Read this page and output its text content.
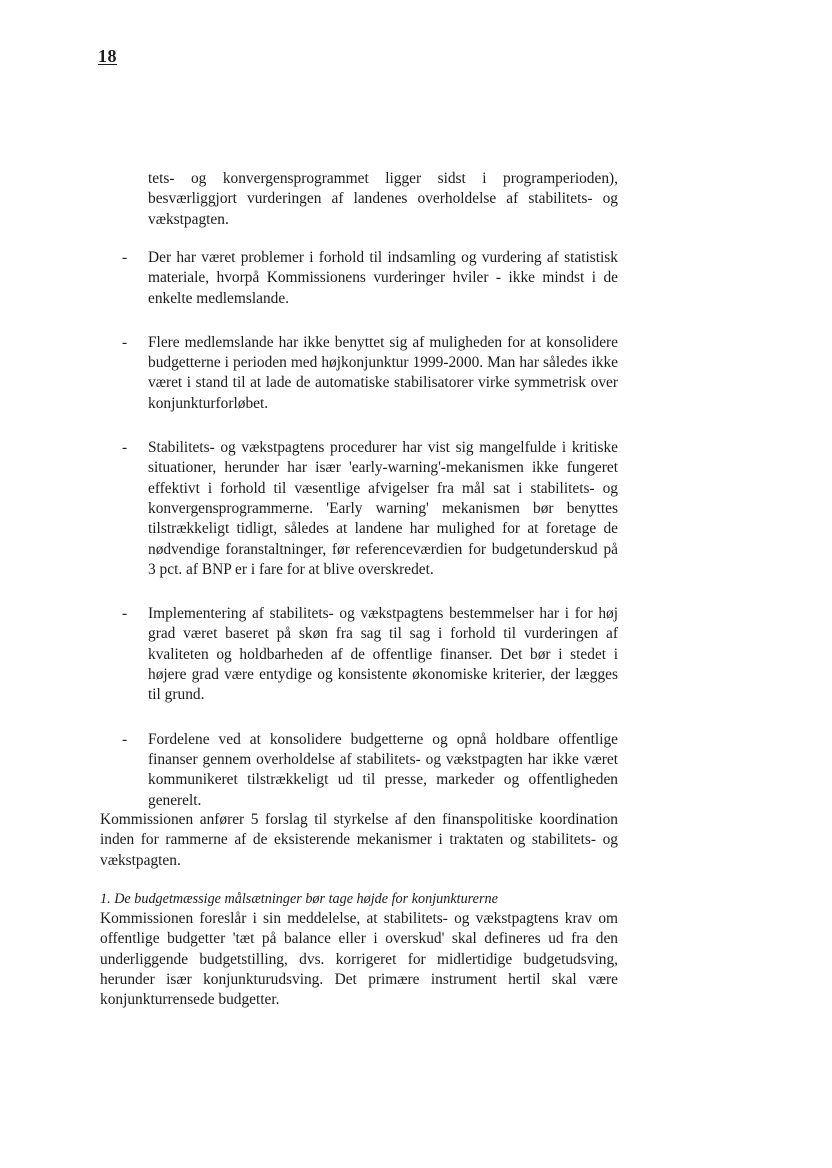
18

tets- og konvergensprogrammet ligger sidst i programperioden), besværliggjort vurderingen af landenes overholdelse af stabilitets- og vækstpagten.

- Der har været problemer i forhold til indsamling og vurdering af statistisk materiale, hvorpå Kommissionens vurderinger hviler - ikke mindst i de enkelte medlemslande.
- Flere medlemslande har ikke benyttet sig af muligheden for at konsolidere budgetterne i perioden med højkonjunktur 1999-2000. Man har således ikke været i stand til at lade de automatiske stabilisatorer virke symmetrisk over konjunkturforløbet.
- Stabilitets- og vækstpagtens procedurer har vist sig mangelfulde i kritiske situationer, herunder har især 'early-warning'-mekanismen ikke fungeret effektivt i forhold til væsentlige afvigelser fra mål sat i stabilitets- og konvergensprogrammerne. 'Early warning' mekanismen bør benyttes tilstrækkeligt tidligt, således at landene har mulighed for at foretage de nødvendige foranstaltninger, før referenceværdien for budgetunderskud på 3 pct. af BNP er i fare for at blive overskredet.
- Implementering af stabilitets- og vækstpagtens bestemmelser har i for høj grad været baseret på skøn fra sag til sag i forhold til vurderingen af kvaliteten og holdbarheden af de offentlige finanser. Det bør i stedet i højere grad være entydige og konsistente økonomiske kriterier, der lægges til grund.
- Fordelene ved at konsolidere budgetterne og opnå holdbare offentlige finanser gennem overholdelse af stabilitets- og vækstpagten har ikke været kommunikeret tilstrækkeligt ud til presse, markeder og offentligheden generelt.

Kommissionen anfører 5 forslag til styrkelse af den finanspolitiske koordination inden for rammerne af de eksisterende mekanismer i traktaten og stabilitets- og vækstpagten.

1. De budgetmæssige målsætninger bør tage højde for konjunkturerne

Kommissionen foreslår i sin meddelelse, at stabilitets- og vækstpagtens krav om offentlige budgetter 'tæt på balance eller i overskud' skal defineres ud fra den underliggende budgetstilling, dvs. korrigeret for midlertidige budgetudsving, herunder især konjunkturudsving. Det primære instrument hertil skal være konjunkturrensede budgetter.
